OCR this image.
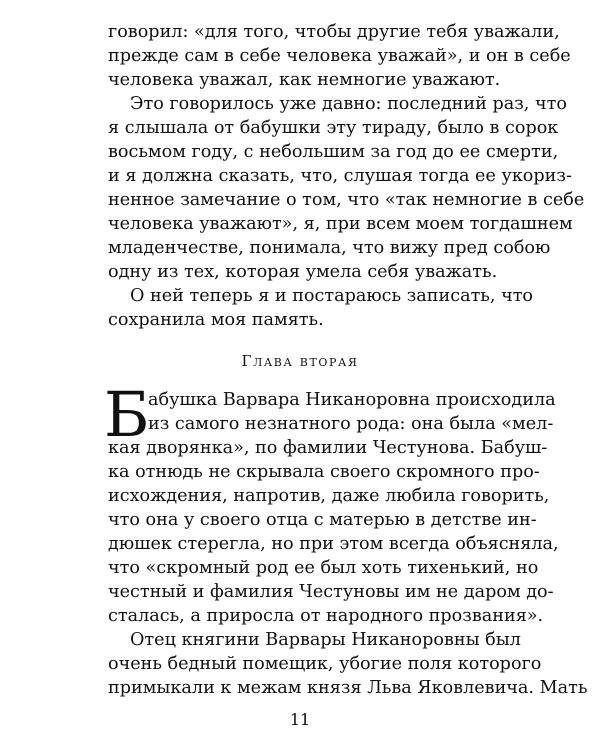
говорил: «для того, чтобы другие тебя уважали,
прежде сам в себе человека уважай», и он в себе
человека уважал, как немногие уважают.
Это говорилось уже давно: последний раз, что
я слышала от бабушки эту тираду, было в сорок
восьмом году, с небольшим за год до ее смерти,
и я должна сказать, что, слушая тогда ее укориз-
ненное замечание о том, что «так немногие в себе
человека уважают», я, при всем моем тогдашнем
младенчестве, понимала, что вижу пред собою
одну из тех, которая умела себя уважать.
О ней теперь я и постараюсь записать, что
сохранила моя память.
Глава вторая
Б
абушка Варвара Никаноровна происходила
из самого незнатного рода: она была «мел-
кая дворянка», по фамилии Честунова. Бабуш-
ка отнюдь не скрывала своего скромного про-
исхождения, напротив, даже любила говорить,
что она у своего отца с матерью в детстве ин-
дюшек стерегла, но при этом всегда объясняла,
что «скромный род ее был хоть тихенький, но
честный и фамилия Честуновы им не даром до-
сталась, а приросла от народного прозвания».
Отец княгини Варвары Никаноровны был
очень бедный помещик, убогие поля которого
11
примыкали к межам князя Льва Яковлевича. Мать
